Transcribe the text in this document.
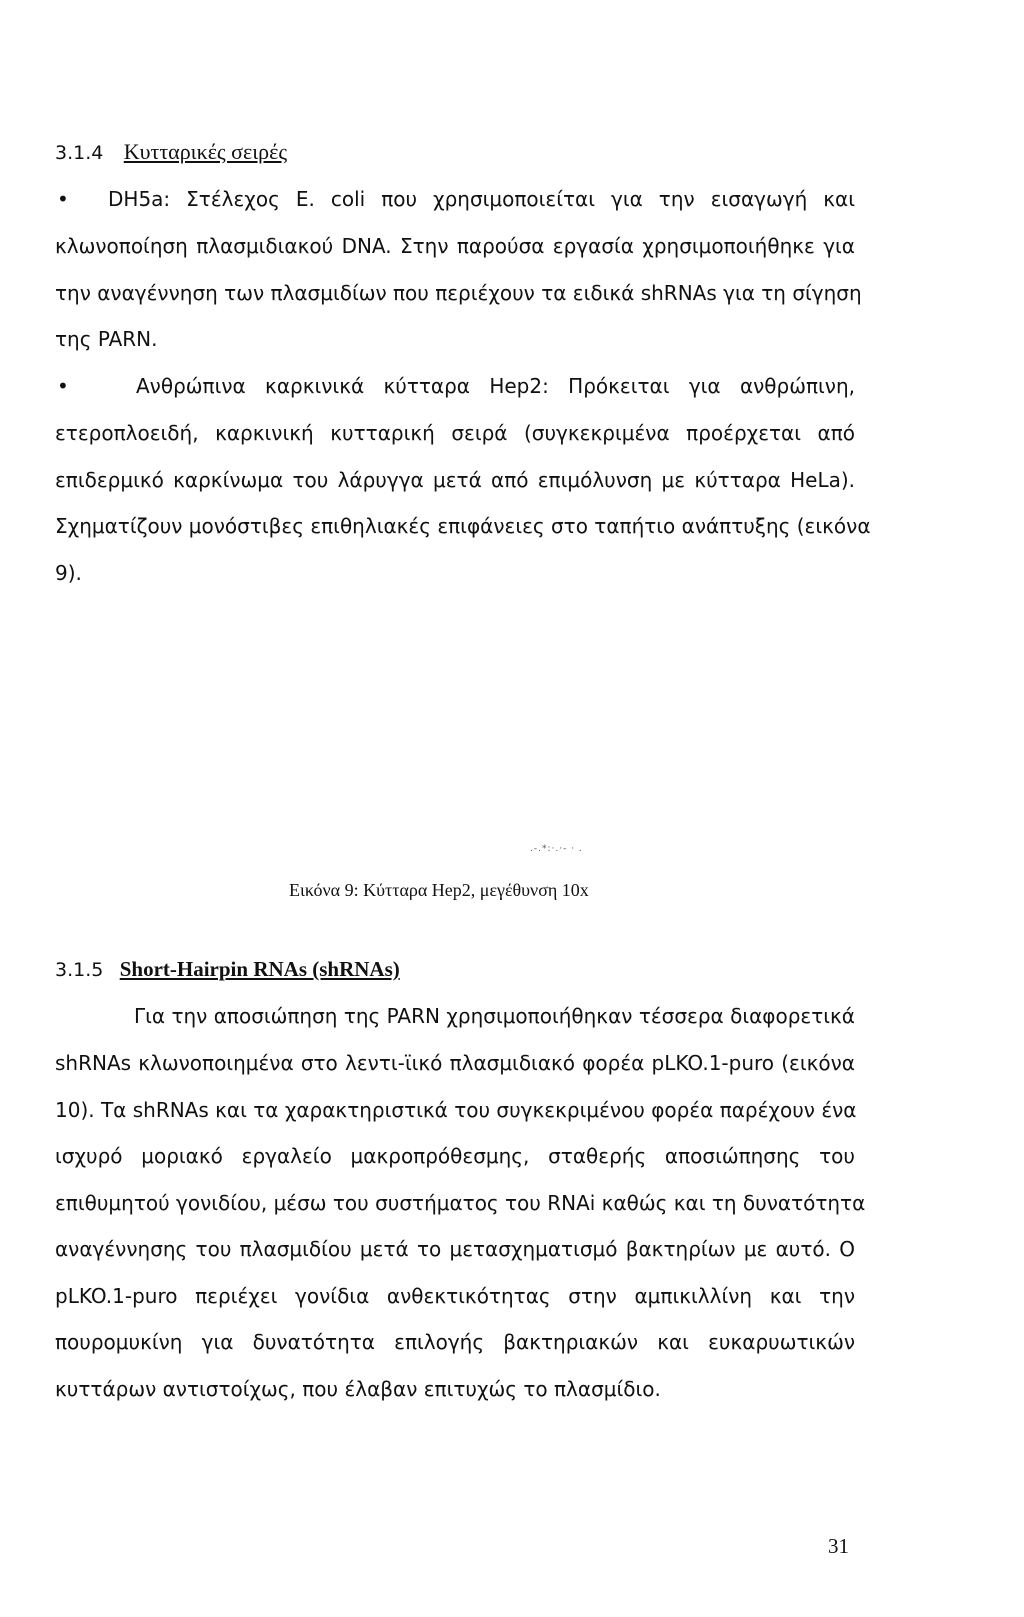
3.1.4 Κυτταρικές σειρές
• DH5a: Στέλεχος E. coli που χρησιμοποιείται για την εισαγωγή και
κλωνοποίηση πλασμιδιακού DNA. Στην παρούσα εργασία χρησιμοποιήθηκε για
την αναγέννηση των πλασμιδίων που περιέχουν τα ειδικά shRNAs για τη σίγηση
της PARN.
•	Ανθρώπινα καρκινικά κύτταρα Hep2: Πρόκειται για ανθρώπινη,
ετεροπλοειδή, καρκινική κυτταρική σειρά (συγκεκριμένα προέρχεται από
επιδερμικό καρκίνωμα του λάρυγγα μετά από επιμόλυνση με κύτταρα HeLa).
Σχηματίζουν μονόστιβες επιθηλιακές επιφάνειες στο ταπήτιο ανάπτυξης (εικόνα
9).
.-.*:·.·- · .
Εικόνα 9: Κύτταρα Hep2, μεγέθυνση 10x
3.1.5 Short-Hairpin RNAs (shRNAs)
Για την αποσιώπηση της PARN χρησιμοποιήθηκαν τέσσερα διαφορετικά
shRNAs κλωνοποιημένα στο λεντι-ϊικό πλασμιδιακό φορέα pLKO.1-puro (εικόνα
10). Τα shRNAs και τα χαρακτηριστικά του συγκεκριμένου φορέα παρέχουν ένα
ισχυρό μοριακό εργαλείο μακροπρόθεσμης, σταθερής αποσιώπησης του
επιθυμητού γονιδίου, μέσω του συστήματος του RNAi καθώς και τη δυνατότητα
αναγέννησης του πλασμιδίου μετά το μετασχηματισμό βακτηρίων με αυτό. Ο
pLKO.1-puro περιέχει γονίδια ανθεκτικότητας στην αμπικιλλίνη και την
πουρομυκίνη για δυνατότητα επιλογής βακτηριακών και ευκαρυωτικών
κυττάρων αντιστοίχως, που έλαβαν επιτυχώς το πλασμίδιο.
31
